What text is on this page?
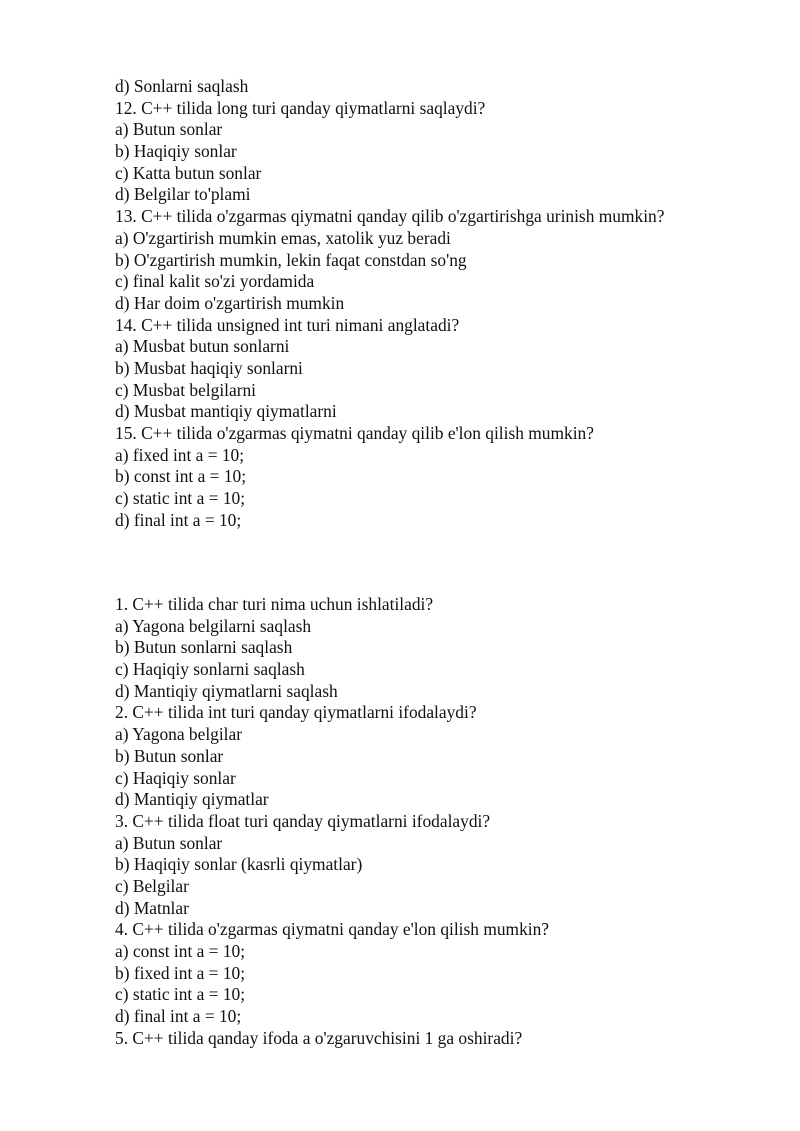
d) Sonlarni saqlash
12. C++ tilida long turi qanday qiymatlarni saqlaydi?
a) Butun sonlar
b) Haqiqiy sonlar
c) Katta butun sonlar
d) Belgilar to'plami
13. C++ tilida o'zgarmas qiymatni qanday qilib o'zgartirishga urinish mumkin?
a) O'zgartirish mumkin emas, xatolik yuz beradi
b) O'zgartirish mumkin, lekin faqat constdan so'ng
c) final kalit so'zi yordamida
d) Har doim o'zgartirish mumkin
14. C++ tilida unsigned int turi nimani anglatadi?
a) Musbat butun sonlarni
b) Musbat haqiqiy sonlarni
c) Musbat belgilarni
d) Musbat mantiqiy qiymatlarni
15. C++ tilida o'zgarmas qiymatni qanday qilib e'lon qilish mumkin?
a) fixed int a = 10;
b) const int a = 10;
c) static int a = 10;
d) final int a = 10;
1. C++ tilida char turi nima uchun ishlatiladi?
a) Yagona belgilarni saqlash
b) Butun sonlarni saqlash
c) Haqiqiy sonlarni saqlash
d) Mantiqiy qiymatlarni saqlash
2. C++ tilida int turi qanday qiymatlarni ifodalaydi?
a) Yagona belgilar
b) Butun sonlar
c) Haqiqiy sonlar
d) Mantiqiy qiymatlar
3. C++ tilida float turi qanday qiymatlarni ifodalaydi?
a) Butun sonlar
b) Haqiqiy sonlar (kasrli qiymatlar)
c) Belgilar
d) Matnlar
4. C++ tilida o'zgarmas qiymatni qanday e'lon qilish mumkin?
a) const int a = 10;
b) fixed int a = 10;
c) static int a = 10;
d) final int a = 10;
5. C++ tilida qanday ifoda a o'zgaruvchisini 1 ga oshiradi?
